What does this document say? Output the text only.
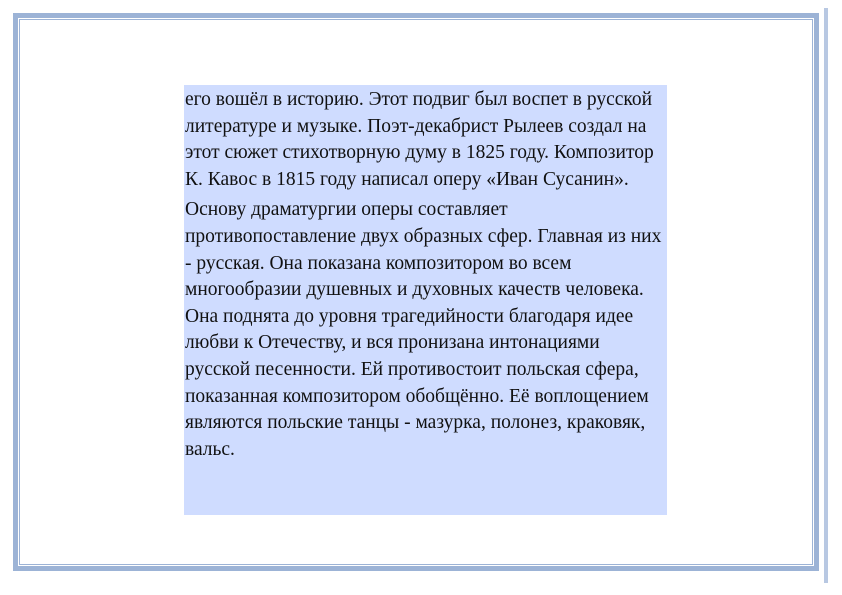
его вошёл в историю. Этот подвиг был воспет в русской литературе и музыке. Поэт-декабрист Рылеев создал на этот сюжет стихотворную думу в 1825 году. Композитор К. Кавос в 1815 году написал оперу «Иван Сусанин».

Основу драматургии оперы составляет противопоставление двух образных сфер. Главная из них - русская. Она показана композитором во всем многообразии душевных и духовных качеств человека. Она поднята до уровня трагедийности благодаря идее любви к Отечеству, и вся пронизана интонациями русской песенности. Ей противостоит польская сфера, показанная композитором обобщённо. Её воплощением являются польские танцы - мазурка, полонез, краковяк, вальс.
